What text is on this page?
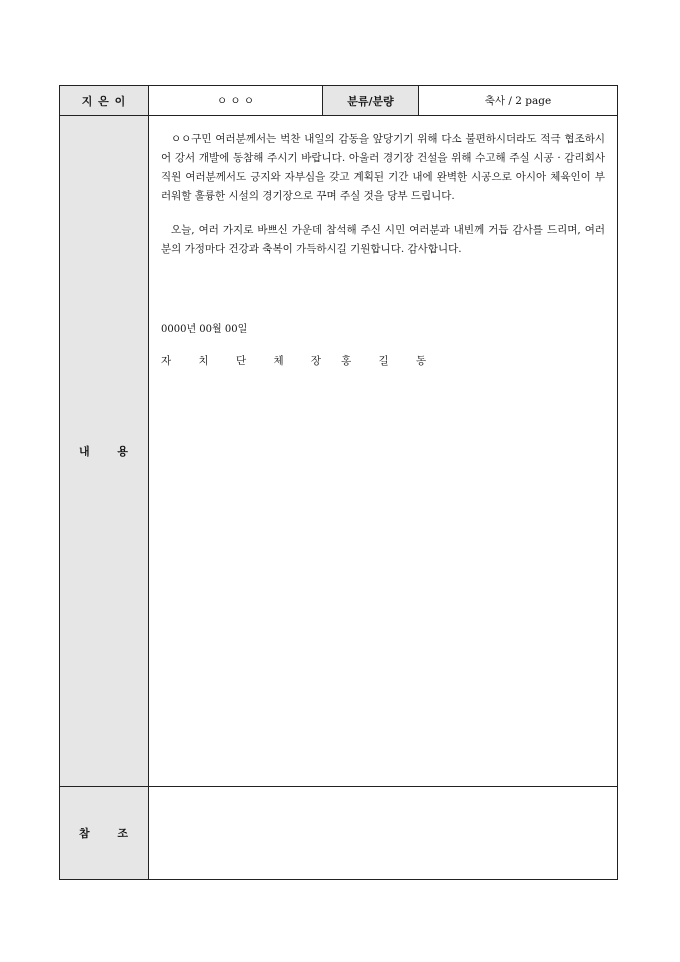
지 은 이	ㅇ ㅇ ㅇ	분류/분량	축사 / 2 page
내 용	ㅇㅇ구민 여러분께서는 벅찬 내일의 감동을 앞당기기 위해 다소 불편하시더라도 적극 협조하시어 강서 개발에 동참해 주시기 바랍니다. 아울러 경기장 건설을 위해 수고해 주실 시공 · 감리회사 직원 여러분께서도 긍지와 자부심을 갖고 계획된 기간 내에 완벽한 시공으로 아시아 체육인이 부러워할 훌륭한 시설의 경기장으로 꾸며 주실 것을 당부 드립니다.

오늘, 여러 가지로 바쁘신 가운데 참석해 주신 시민 여러분과 내빈께 거듭 감사를 드리며, 여러분의 가정마다 건강과 축복이 가득하시길 기원합니다. 감사합니다.

0000년 00월 00일

자 치 단 체 장 홍 길 동		

참 조			
